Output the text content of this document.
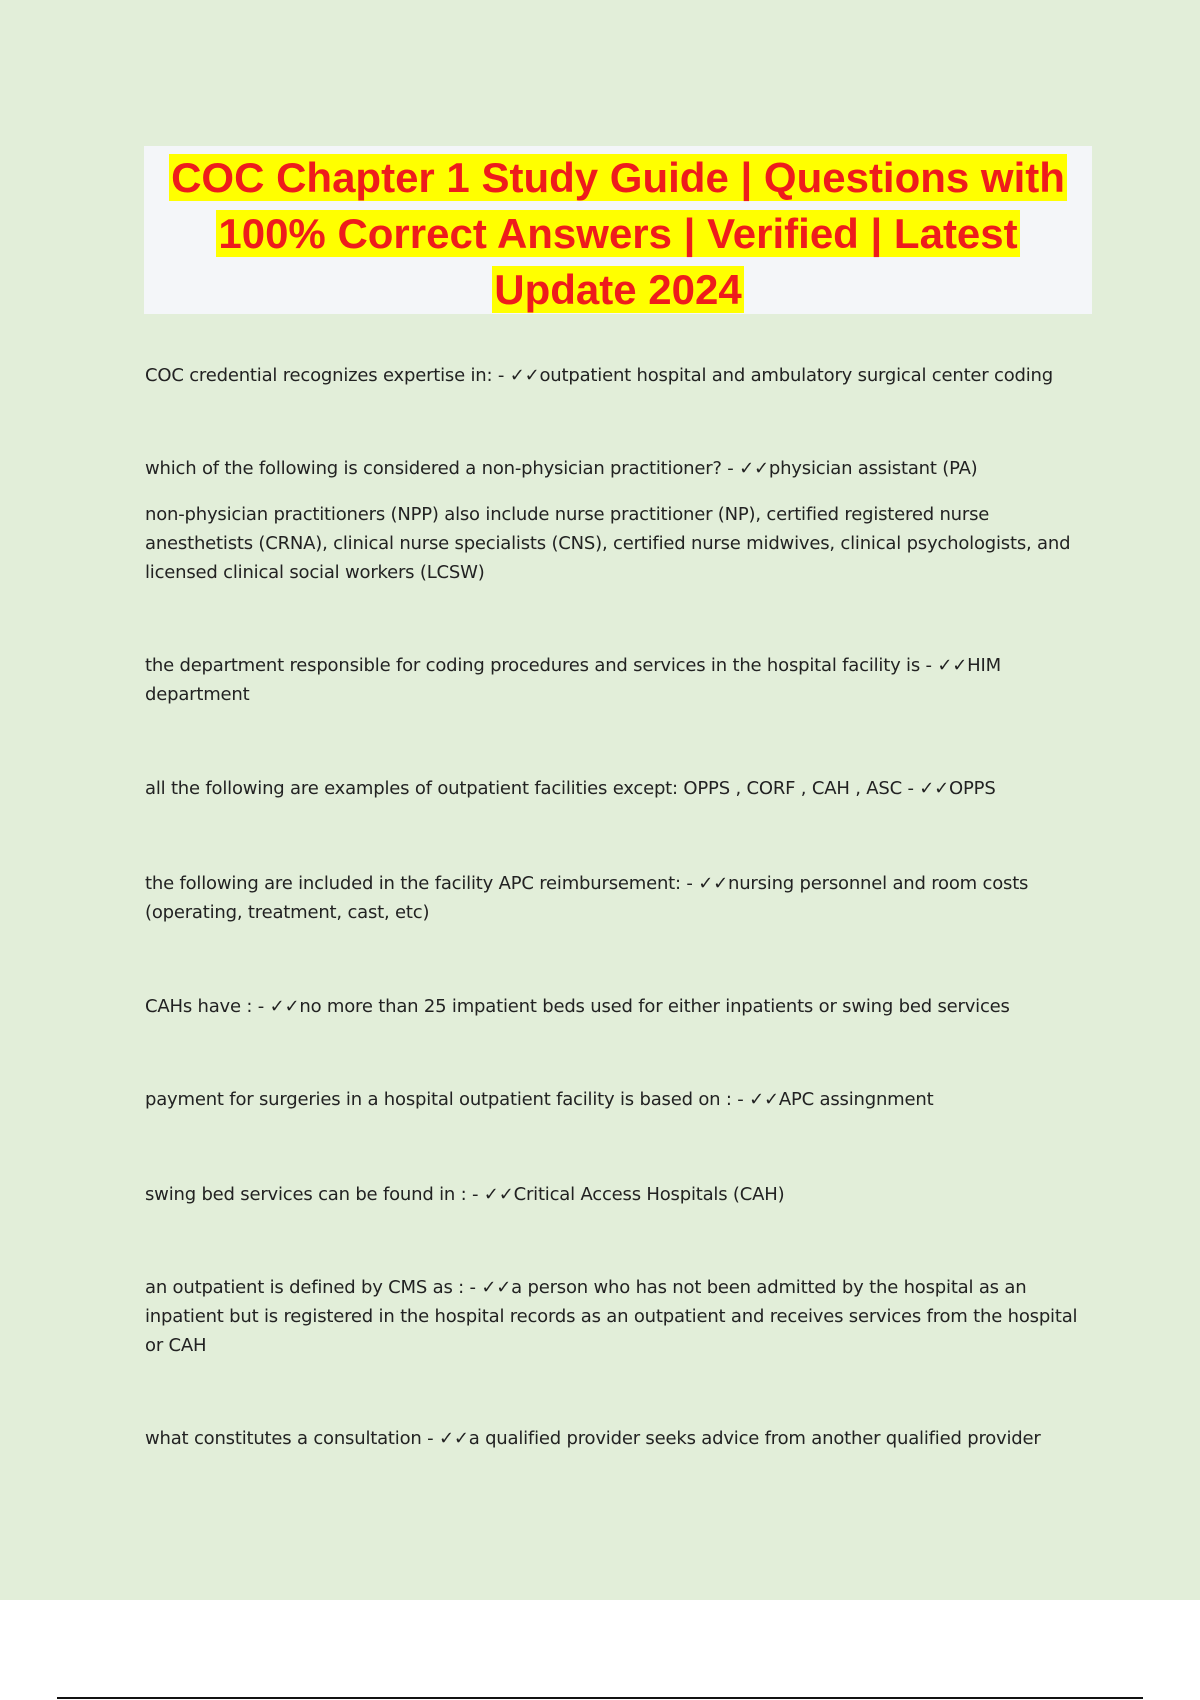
COC Chapter 1 Study Guide | Questions with 100% Correct Answers | Verified | Latest Update 2024

COC credential recognizes expertise in: - ✓✓outpatient hospital and ambulatory surgical center coding

which of the following is considered a non-physician practitioner? - ✓✓physician assistant (PA)

non-physician practitioners (NPP) also include nurse practitioner (NP), certified registered nurse anesthetists (CRNA), clinical nurse specialists (CNS), certified nurse midwives, clinical psychologists, and licensed clinical social workers (LCSW)

the department responsible for coding procedures and services in the hospital facility is - ✓✓HIM department

all the following are examples of outpatient facilities except: OPPS , CORF , CAH , ASC - ✓✓OPPS

the following are included in the facility APC reimbursement: - ✓✓nursing personnel and room costs (operating, treatment, cast, etc)

CAHs have : - ✓✓no more than 25 impatient beds used for either inpatients or swing bed services

payment for surgeries in a hospital outpatient facility is based on : - ✓✓APC assingnment

swing bed services can be found in : - ✓✓Critical Access Hospitals (CAH)

an outpatient is defined by CMS as : - ✓✓a person who has not been admitted by the hospital as an inpatient but is registered in the hospital records as an outpatient and receives services from the hospital or CAH

what constitutes a consultation - ✓✓a qualified provider seeks advice from another qualified provider
